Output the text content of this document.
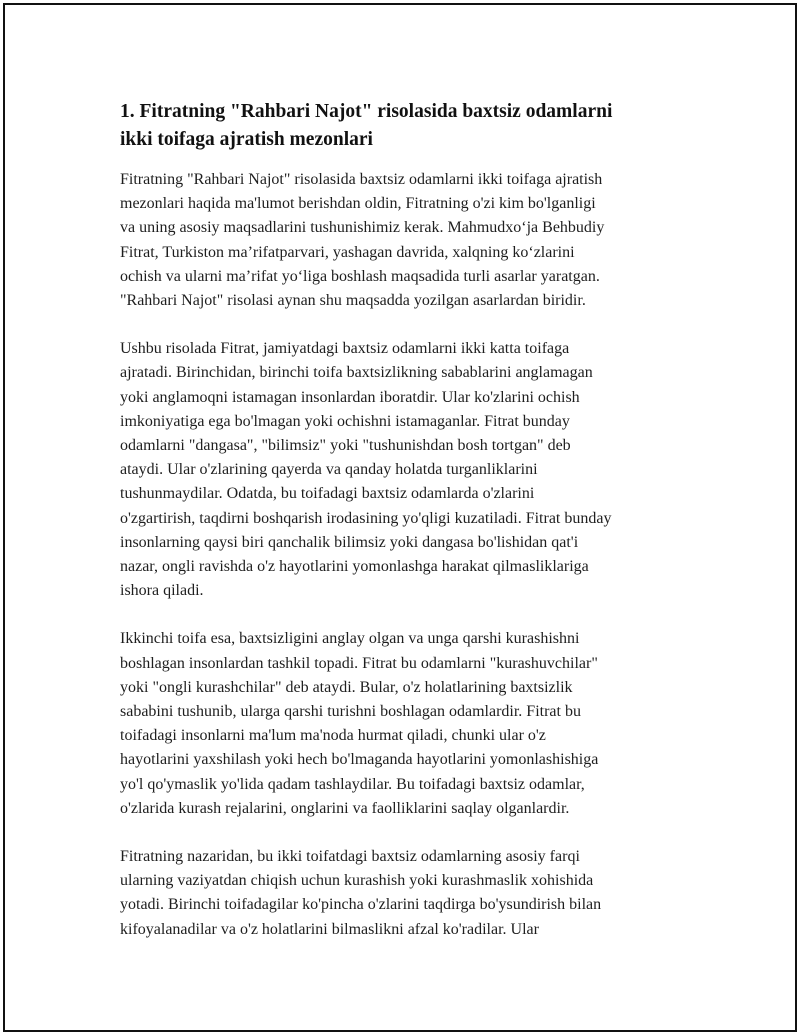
1. Fitratning "Rahbari Najot" risolasida baxtsiz odamlarni
ikki toifaga ajratish mezonlari

Fitratning "Rahbari Najot" risolasida baxtsiz odamlarni ikki toifaga ajratish
mezonlari haqida ma'lumot berishdan oldin, Fitratning o'zi kim bo'lganligi
va uning asosiy maqsadlarini tushunishimiz kerak. Mahmudxo‘ja Behbudiy
Fitrat, Turkiston ma’rifatparvari, yashagan davrida, xalqning ko‘zlarini
ochish va ularni ma’rifat yo‘liga boshlash maqsadida turli asarlar yaratgan.
"Rahbari Najot" risolasi aynan shu maqsadda yozilgan asarlardan biridir.

Ushbu risolada Fitrat, jamiyatdagi baxtsiz odamlarni ikki katta toifaga
ajratadi. Birinchidan, birinchi toifa baxtsizlikning sabablarini anglamagan
yoki anglamoqni istamagan insonlardan iboratdir. Ular ko'zlarini ochish
imkoniyatiga ega bo'lmagan yoki ochishni istamaganlar. Fitrat bunday
odamlarni "dangasa", "bilimsiz" yoki "tushunishdan bosh tortgan" deb
ataydi. Ular o'zlarining qayerda va qanday holatda turganliklarini
tushunmaydilar. Odatda, bu toifadagi baxtsiz odamlarda o'zlarini
o'zgartirish, taqdirni boshqarish irodasining yo'qligi kuzatiladi. Fitrat bunday
insonlarning qaysi biri qanchalik bilimsiz yoki dangasa bo'lishidan qat'i
nazar, ongli ravishda o'z hayotlarini yomonlashga harakat qilmasliklariga
ishora qiladi.

Ikkinchi toifa esa, baxtsizligini anglay olgan va unga qarshi kurashishni
boshlagan insonlardan tashkil topadi. Fitrat bu odamlarni "kurashuvchilar"
yoki "ongli kurashchilar" deb ataydi. Bular, o'z holatlarining baxtsizlik
sababini tushunib, ularga qarshi turishni boshlagan odamlardir. Fitrat bu
toifadagi insonlarni ma'lum ma'noda hurmat qiladi, chunki ular o'z
hayotlarini yaxshilash yoki hech bo'lmaganda hayotlarini yomonlashishiga
yo'l qo'ymaslik yo'lida qadam tashlaydilar. Bu toifadagi baxtsiz odamlar,
o'zlarida kurash rejalarini, onglarini va faolliklarini saqlay olganlardir.

Fitratning nazaridan, bu ikki toifatdagi baxtsiz odamlarning asosiy farqi
ularning vaziyatdan chiqish uchun kurashish yoki kurashmaslik xohishida
yotadi. Birinchi toifadagilar ko'pincha o'zlarini taqdirga bo'ysundirish bilan
kifoyalanadilar va o'z holatlarini bilmaslikni afzal ko'radilar. Ular
